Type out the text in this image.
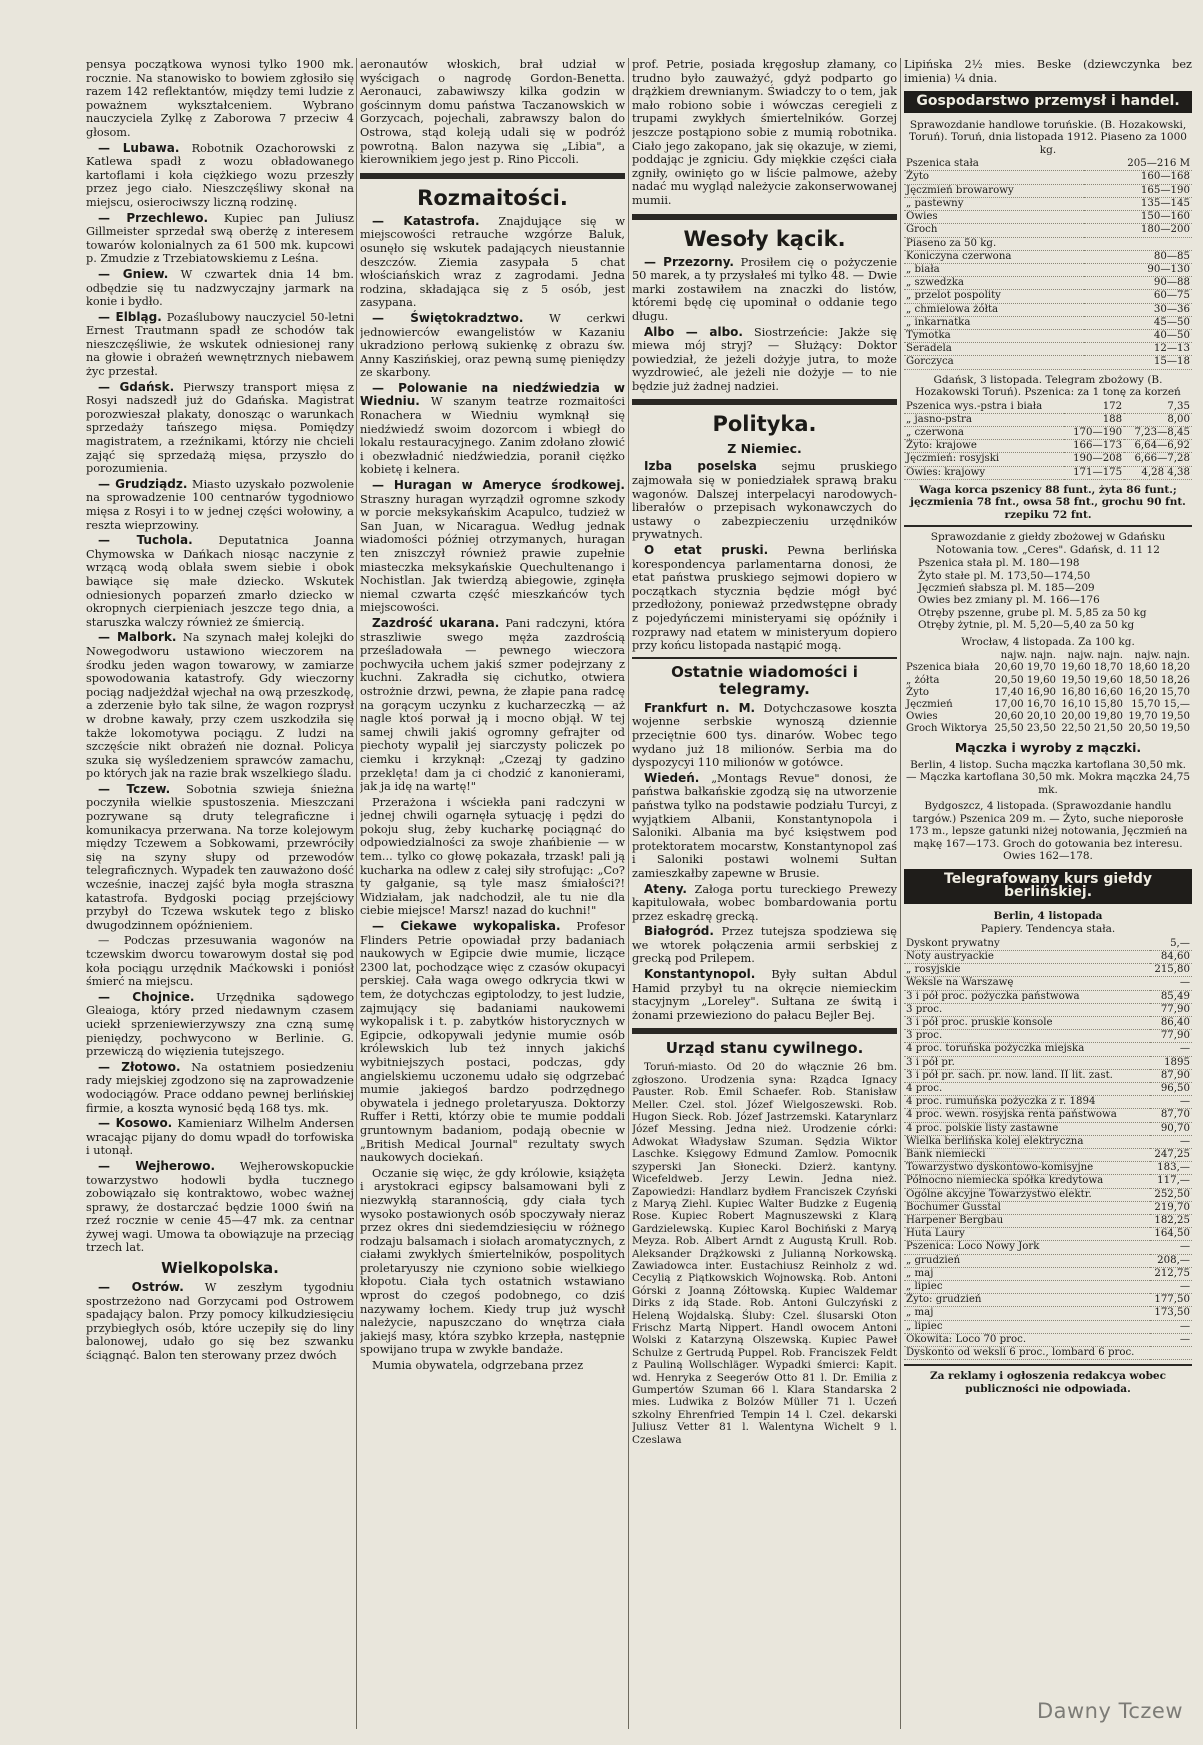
pensya początkowa wynosi tylko 1900 mk. rocznie. Na stanowisko to bowiem zgłosiło się razem 142 reflektantów, między temi ludzie z poważnem wykształceniem. Wybrano nauczyciela Zylkę z Zaborowa 7 przeciw 4 głosom.

— Lubawa. Robotnik Ozachorowski z Katlewa spadł z wozu obładowanego kartoflami i koła ciężkiego wozu przeszły przez jego ciało. Nieszczęśliwy skonał na miejscu, osierociwszy liczną rodzinę.

— Przechlewo. Kupiec pan Juliusz Gillmeister sprzedał swą oberżę z interesem towarów kolonialnych za 61 500 mk. kupcowi p. Zmudzie z Trzebiatowskiemu z Leśna.

— Gniew. W czwartek dnia 14 bm. odbędzie się tu nadzwyczajny jarmark na konie i bydło.

— Elbląg. Pozaślubowy nauczyciel 50-letni Ernest Trautmann spadł ze schodów tak nieszczęśliwie, że wskutek odniesionej rany na głowie i obrażeń wewnętrznych niebawem życ przestał.

— Gdańsk. Pierwszy transport mięsa z Rosyi nadszedł już do Gdańska. Magistrat porozwieszał plakaty, donosząc o warunkach sprzedaży tańszego mięsa. Pomiędzy magistratem, a rzeźnikami, którzy nie chcieli zająć się sprzedażą mięsa, przyszło do porozumienia.

— Grudziądz. Miasto uzyskało pozwolenie na sprowadzenie 100 centnarów tygodniowo mięsa z Rosyi i to w jednej części wołowiny, a reszta wieprzowiny.

— Tuchola. Deputatnica Joanna Chymowska w Dańkach niosąc naczynie z wrzącą wodą oblała swem siebie i obok bawiące się małe dziecko. Wskutek odniesionych poparzeń zmarło dziecko w okropnych cierpieniach jeszcze tego dnia, a staruszka walczy również ze śmiercią.

— Malbork. Na szynach małej kolejki do Nowegodworu ustawiono wieczorem na środku jeden wagon towarowy, w zamiarze spowodowania katastrofy. Gdy wieczorny pociąg nadjeżdżał wjechał na ową przeszkodę, a zderzenie było tak silne, że wagon rozprysł w drobne kawały, przy czem uszkodziła się także lokomotywa pociągu. Z ludzi na szczęście nikt obrażeń nie doznał. Policya szuka się wyśledzeniem sprawców zamachu, po których jak na razie brak wszelkiego śladu.

— Tczew. Sobotnia szwieja śnieżna poczyniła wielkie spustoszenia. Mieszczani pozrywane są druty telegraficzne i komunikacya przerwana. Na torze kolejowym między Tczewem a Sobkowami, przewróciły się na szyny słupy od przewodów telegraficznych. Wypadek ten zauważono dość wcześnie, inaczej zajść była mogła straszna katastrofa. Bydgoski pociąg przejściowy przybył do Tczewa wskutek tego z blisko dwugodzinnem opóźnieniem.

— Podczas przesuwania wagonów na tczewskim dworcu towarowym dostał się pod koła pociągu urzędnik Maćkowski i poniósł śmierć na miejscu.

— Chojnice. Urzędnika sądowego Gleaioga, który przed niedawnym czasem uciekł sprzeniewierzywszy zna czną sumę pieniędzy, pochwycono w Berlinie. G. przewiczą do więzienia tutejszego.

— Złotowo. Na ostatniem posiedzeniu rady miejskiej zgodzono się na zaprowadzenie wodociągów. Prace oddano pewnej berlińskiej firmie, a koszta wynosić będą 168 tys. mk.

— Kosowo. Kamieniarz Wilhelm Andersen wracając pijany do domu wpadł do torfowiska i utonął.

— Wejherowo. Wejherowskopuckie towarzystwo hodowli bydła tucznego zobowiązało się kontraktowo, wobec ważnej sprawy, że dostarczać będzie 1000 świń na rzeź rocznie w cenie 45—47 mk. za centnar żywej wagi. Umowa ta obowiązuje na przeciąg trzech lat.

Wielkopolska.

— Ostrów. W zeszłym tygodniu spostrzeżono nad Gorzycami pod Ostrowem spadający balon. Przy pomocy kilkudziesięciu przybiegłych osób, które uczepiły się do liny balonowej, udało go się bez szwanku ściągnąć. Balon ten sterowany przez dwóch

aeronautów włoskich, brał udział w wyścigach o nagrodę Gordon-Benetta. Aeronauci, zabawiwszy kilka godzin w gościnnym domu państwa Taczanowskich w Gorzycach, pojechali, zabrawszy balon do Ostrowa, stąd koleją udali się w podróż powrotną. Balon nazywa się „Libia", a kierownikiem jego jest p. Rino Piccoli.

Rozmaitości.

— Katastrofa. Znajdujące się w miejscowości retrauche wzgórze Baluk, osunęło się wskutek padających nieustannie deszczów. Ziemia zasypała 5 chat włościańskich wraz z zagrodami. Jedna rodzina, składająca się z 5 osób, jest zasypana.

— Świętokradztwo. W cerkwi jednowierców ewangelistów w Kazaniu ukradziono perłową sukienkę z obrazu św. Anny Kaszińskiej, oraz pewną sumę pieniędzy ze skarbony.

— Polowanie na niedźwiedzia w Wiedniu. W szanym teatrze rozmaitości Ronacherа w Wiedniu wymknął się niedźwiedź swoim dozorcom i wbiegł do lokalu restauracyjnego. Zanim zdołano złowić i obezwładnić niedźwiedzia, poranił ciężko kobietę i kelnera.

— Huragan w Ameryce środkowej. Straszny huragan wyrządził ogromne szkody w porcie meksykańskim Acapulco, tudzież w San Juan, w Nicaragua. Według jednak wiadomości później otrzymanych, huragan ten zniszczył również prawie zupełnie miasteczka meksykańskie Quechultenango i Nochistlan. Jak twierdzą abiegowie, zginęła niemal czwarta część mieszkańców tych miejscowości.

Zazdrość ukarana. Pani radczyni, która straszliwie swego męża zazdrością prześladowała — pewnego wieczora pochwyciła uchem jakiś szmer podejrzany z kuchni. Zakradła się cichutko, otwiera ostrożnie drzwi, pewna, że złapie pana radcę na gorącym uczynku z kucharzeczką — aż nagle ktoś porwał ją i mocno objął. W tej samej chwili jakiś ogromny gefrajter od piechoty wypalił jej siarczysty policzek po ciemku i krzyknął: „Czeząj ty gadzino przeklęta! dam ja ci chodzić z kanonierami, jak ja idę na wartę!"

Przerażona i wściekła pani radczyni w jednej chwili ogarnęła sytuację i pędzi do pokoju sług, żeby kucharkę pociągnąć do odpowiedzialności za swoje zhańbienie — w tem... tylko co głowę pokazała, trzask! pali ją kucharka na odlew z całej siły strofując: „Co? ty gałganie, są tyle masz śmiałości?! Widziałam, jak nadchodził, ale tu nie dla ciebie miejsce! Marsz! nazad do kuchni!"

— Ciekawe wykopaliska. Profesor Flinders Petrie opowiadał przy badaniach naukowych w Egipcie dwie mumie, liczące 2300 lat, pochodzące więc z czasów okupacyi perskiej. Cała waga owego odkrycia tkwi w tem, że dotychczas egiptolodzy, to jest ludzie, zajmujący się badaniami naukowemi wykopalisk i t. p. zabytków historycznych w Egipcie, odkopywali jedynie mumie osób królewskich lub też innych jakichś wybitniejszych postaci, podczas, gdy angielskiemu uczonemu udało się odgrzebać mumie jakiegoś bardzo podrzędnego obywatela i jednego proletaryusza. Doktorzy Ruffer i Retti, którzy obie te mumie poddali gruntownym badaniom, podają obecnie w „British Medical Journal" rezultaty swych naukowych dociekań.

Oczanie się więc, że gdy królowie, książęta i arystokraci egipscy balsamowani byli z niezwykłą starannością, gdy ciała tych wysoko postawionych osób spoczywały nieraz przez okres dni siedemdziesięciu w różnego rodzaju balsamach i siołach aromatycznych, z ciałami zwykłych śmiertelników, pospolitych proletaryuszy nie czyniono sobie wielkiego kłopotu. Ciała tych ostatnich wstawiano wprost do czegoś podobnego, co dziś nazywamy łochem. Kiedy trup już wyschł należycie, napuszczano do wnętrza ciała jakiejś masy, która szybko krzepła, następnie spowijano trupa w zwykłe bandaże.

Mumia obywatela, odgrzebana przez

prof. Petrie, posiada kręgosłup złamany, co trudno było zauważyć, gdyż podparto go drążkiem drewnianym. Świadczy to o tem, jak mało robiono sobie i wówczas ceregieli z trupami zwykłych śmiertelników. Gorzej jeszcze postąpiono sobie z mumią robotnika. Ciało jego zakopano, jak się okazuje, w ziemi, poddając je zgniciu. Gdy miękkie części ciała zgniły, owinięto go w liście palmowe, ażeby nadać mu wygląd należycie zakonserwowanej mumii.

Wesoły kącik.

— Przezorny. Prosiłem cię o pożyczenie 50 marek, a ty przysłałeś mi tylko 48. — Dwie marki zostawiłem na znaczki do listów, któremi będę cię upominał o oddanie tego długu.

Albo — albo. Siostrzeńcie: Jakże się miewa mój stryj? — Służący: Doktor powiedział, że jeżeli dożyje jutra, to może wyzdrowieć, ale jeżeli nie dożyje — to nie będzie już żadnej nadziei.

Polityka.
Z Niemiec.

Izba poselska sejmu pruskiego zajmowała się w poniedziałek sprawą braku wagonów. Dalszej interpelacyi narodowych-liberałów o przepisach wykonawczych do ustawy o zabezpieczeniu urzędników prywatnych.

O etat pruski. Pewna berlińska korespondencya parlamentarna donosi, że etat państwa pruskiego sejmowi dopiero w początkach stycznia będzie mógł być przedłożony, ponieważ przedwstępne obrady z pojedyńczemi ministeryami się opóźniły i rozprawy nad etatem w ministeryum dopiero przy końcu listopada nastąpić mogą.

Ostatnie wiadomości i telegramy.

Frankfurt n. M. Dotychczasowe koszta wojenne serbskie wynoszą dziennie przeciętnie 600 tys. dinarów. Wobec tego wydano już 18 milionów. Serbia ma do dyspozycyi 110 milionów w gotówce.

Wiedeń. „Montags Revue" donosi, że państwa bałkańskie zgodzą się na utworzenie państwa tylko na podstawie podziału Turcyi, z wyjątkiem Albanii, Konstantynopola i Saloniki. Albania ma być księstwem pod protektoratem mocarstw, Konstantynopol zaś i Saloniki postawi wolnemi Sułtan zamieszkałby zapewne w Brusie.

Ateny. Załoga portu tureckiego Prewezy kapitulowała, wobec bombardowania portu przez eskadrę grecką.

Białogród. Przez tutejsza spodziewa się we wtorek połączenia armii serbskiej z grecką pod Prilepem.

Konstantynopol. Były sułtan Abdul Hamid przybył tu na okręcie niemieckim stacyjnym „Loreley". Sułtana ze świtą i żonami przewieziono do pałacu Bejler Bej.

Urząd stanu cywilnego.

Toruń-miasto. Od 20 do włącznie 26 bm. zgłoszono. Urodzenia syna: Rządca Ignacy Pauster. Rob. Emil Schaefer. Rob. Stanisław Meller. Czel. stol. Józef Wielgoszewski. Rob. Hugon Sieck. Rob. Józef Jastrzemski. Katarynlarz Józef Messing. Jedna nież. Urodzenie córki: Adwokat Władysław Szuman. Sędzia Wiktor Laschke. Księgowy Edmund Zamlow. Pomocnik szyperski Jan Słonecki. Dzierż. kantyny. Wicefeldweb. Jerzy Lewin. Jedna nież. Zapowiedzi: Handlarz bydłem Franciszek Czyński z Maryą Ziehl. Kupiec Walter Budzke z Eugenią Rose. Kupiec Robert Magnuszewski z Klarą Gardzielewską. Kupiec Karol Bochiński z Maryą Meyza. Rob. Albert Arndt z Augustą Krull. Rob. Aleksander Drążkowski z Julianną Norkowską. Zawiadowca inter. Eustachiusz Reinholz z wd. Cecylią z Piątkowskich Wojnowską. Rob. Antoni Górski z Joanną Zółtowską. Kupiec Waldemar Dirks z idą Stade. Rob. Antoni Gulczyński z Heleną Wojdalską. Śluby: Czel. ślusarski Oton Frischz Martą Nippert. Handl owocem Antoni Wolski z Katarzyną Olszewską. Kupiec Paweł Schulze z Gertrudą Puppel. Rob. Franciszek Feldt z Pauliną Wollschläger. Wypadki śmierci: Kapit. wd. Henryka z Seegerów Otto 81 l. Dr. Emilia z Gumpertów Szuman 66 l. Klara Standarska 2 mies. Ludwika z Bolzów Müller 71 l. Uczeń szkolny Ehrenfried Tempin 14 l. Czel. dekarski Juliusz Vetter 81 l. Walentyna Wichelt 9 l. Czeslawa

Lipińska 2½ mies. Beske (dziewczynka bez imienia) ¼ dnia.

Gospodarstwo przemysł i handel.
Sprawozdanie handlowe toruńskie. (B. Hozakowski, Toruń). Toruń, dnia listopada 1912. Piaseno za 1000 kg.
Pszenica stała	205—216 M
Żyto	160—168
Jęczmień browarowy	165—190
„ pastewny	135—145
Owies	150—160
Groch	180—200
Piaseno za 50 kg.	
Koniczyna czerwona	80—85
„ biała	90—130
„ szwedzka	90—88
„ przelot pospolity	60—75
„ chmielowa żółta	30—36
„ inkarnatka	45—50
Tymotka	40—50
Seradela	12—13
Gorczyca	15—18
Gdańsk, 3 listopada. Telegram zbożowy (B. Hozakowski Toruń). Pszenica: za 1 tonę za korzeń
Pszenica wys.-pstra i biała	172	7,35
„ jasno-pstra	188	8,00
„ czerwona	170—190	7,23—8,45
Żyto: krajowe	166—173	6,64—6,92
Jęczmień: rosyjski	190—208	6,66—7,28
Owies: krajowy	171—175	4,28 4,38
Waga korca pszenicy 88 funt., żyta 86 funt.; jęczmienia 78 fnt., owsa 58 fnt., grochu 90 fnt. rzepiku 72 fnt.
Sprawozdanie z giełdy zbożowej w Gdańsku Notowania tow. „Ceres". Gdańsk, d. 11 12
Pszenica stała pl. M. 180—198
Żyto stałe pl. M. 173,50—174,50
Jęczmień słabsza pl. M. 185—209
Owies bez zmiany pl. M. 166—176
Otręby pszenne, grube pl. M. 5,85 za 50 kg
Otręby żytnie, pl. M. 5,20—5,40 za 50 kg
Wrocław, 4 listopada. Za 100 kg.
	najw. najn.	najw. najn.	najw. najn.
Pszenica biała	20,60 19,70	19,60 18,70	18,60 18,20
„ żółta	20,50 19,60	19,50 19,60	18,50 18,26
Żyto	17,40 16,90	16,80 16,60	16,20 15,70
Jęczmień	17,00 16,70	16,10 15,80	15,70 15,—
Owies	20,60 20,10	20,00 19,80	19,70 19,50
Groch Wiktorya	25,50 23,50	22,50 21,50	20,50 19,50
Mączka i wyroby z mączki.
Berlin, 4 listop. Sucha mączka kartoflana 30,50 mk. — Mączka kartoflana 30,50 mk. Mokra mączka 24,75 mk.
Bydgoszcz, 4 listopada. (Sprawozdanie handlu targów.) Pszenica 209 m. — Żyto, suche nieporosłe 173 m., lepsze gatunki niżej notowania, Jęczmień na mąkę 167—173. Groch do gotowania bez interesu. Owies 162—178.
Telegrafowany kurs giełdy berlińskiej.
Berlin, 4 listopada
Papiery. Tendencya stała.
Dyskont prywatny	5,—
Noty austryackie	84,60
„ rosyjskie	215,80
Weksle na Warszawę	—
3 i pół proc. pożyczka państwowa	85,49
3 proc.	77,90
3 i pół proc. pruskie konsole	86,40
3 proc.	77,90
4 proc. toruńska pożyczka miejska	—
3 i pół pr.	1895
3 i pół pr. sach. pr. now. land. II lit. zast.	87,90
4 proc.	96,50
4 proc. rumuńska pożyczka z r. 1894	—
4 proc. wewn. rosyjska renta państwowa	87,70
4 proc. polskie listy zastawne	90,70
Wielka berlińska kolej elektryczna	—
Bank niemiecki	247,25
Towarzystwo dyskontowo-komisyjne	183,—
Północno niemiecka spółka kredytowa	117,—
Ogólne akcyjne Towarzystwo elektr.	252,50
Bochumer Gusstal	219,70
Harpener Bergbau	182,25
Huta Laury	164,50
Pszenica: Loco Nowy Jork	—
„ grudzień	208,—
„ maj	212,75
„ lipiec	—
Żyto: grudzień	177,50
„ maj	173,50
„ lipiec	—
Okowita: Loco 70 proc.	—
Dyskonto od weksli 6 proc., lombard 6 proc.	
Za reklamy i ogłoszenia redakcya wobec publiczności nie odpowiada.
Dawny Tczew
